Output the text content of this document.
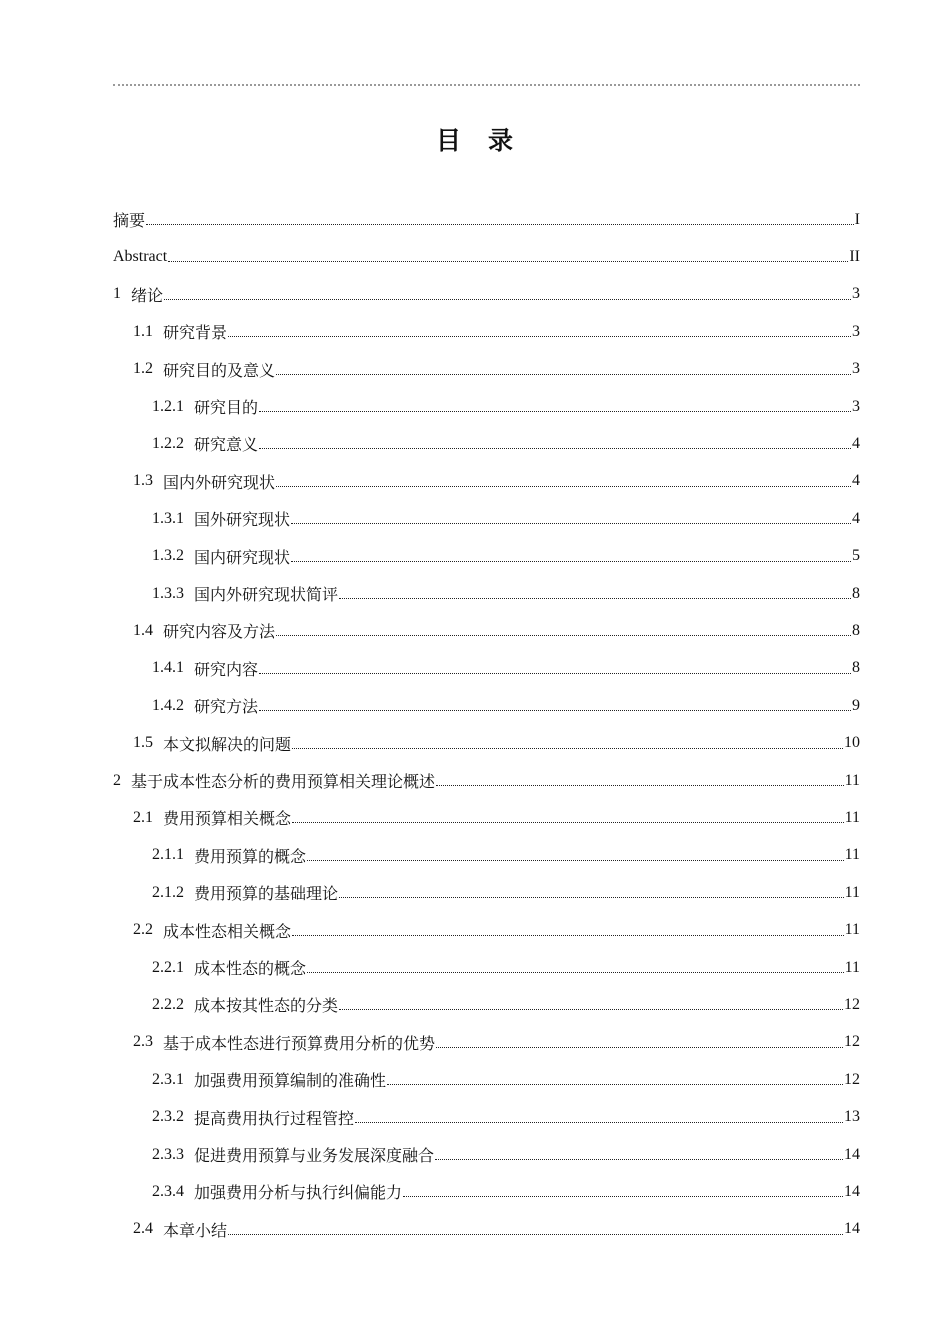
目　录
摘要	I
Abstract	II
1 绪论	3
1.1 研究背景	3
1.2 研究目的及意义	3
1.2.1 研究目的	3
1.2.2 研究意义	4
1.3 国内外研究现状	4
1.3.1 国外研究现状	4
1.3.2 国内研究现状	5
1.3.3 国内外研究现状简评	8
1.4 研究内容及方法	8
1.4.1 研究内容	8
1.4.2 研究方法	9
1.5 本文拟解决的问题	10
2 基于成本性态分析的费用预算相关理论概述	11
2.1 费用预算相关概念	11
2.1.1 费用预算的概念	11
2.1.2 费用预算的基础理论	11
2.2 成本性态相关概念	11
2.2.1 成本性态的概念	11
2.2.2 成本按其性态的分类	12
2.3 基于成本性态进行预算费用分析的优势	12
2.3.1 加强费用预算编制的准确性	12
2.3.2 提高费用执行过程管控	13
2.3.3 促进费用预算与业务发展深度融合	14
2.3.4 加强费用分析与执行纠偏能力	14
2.4 本章小结	14
